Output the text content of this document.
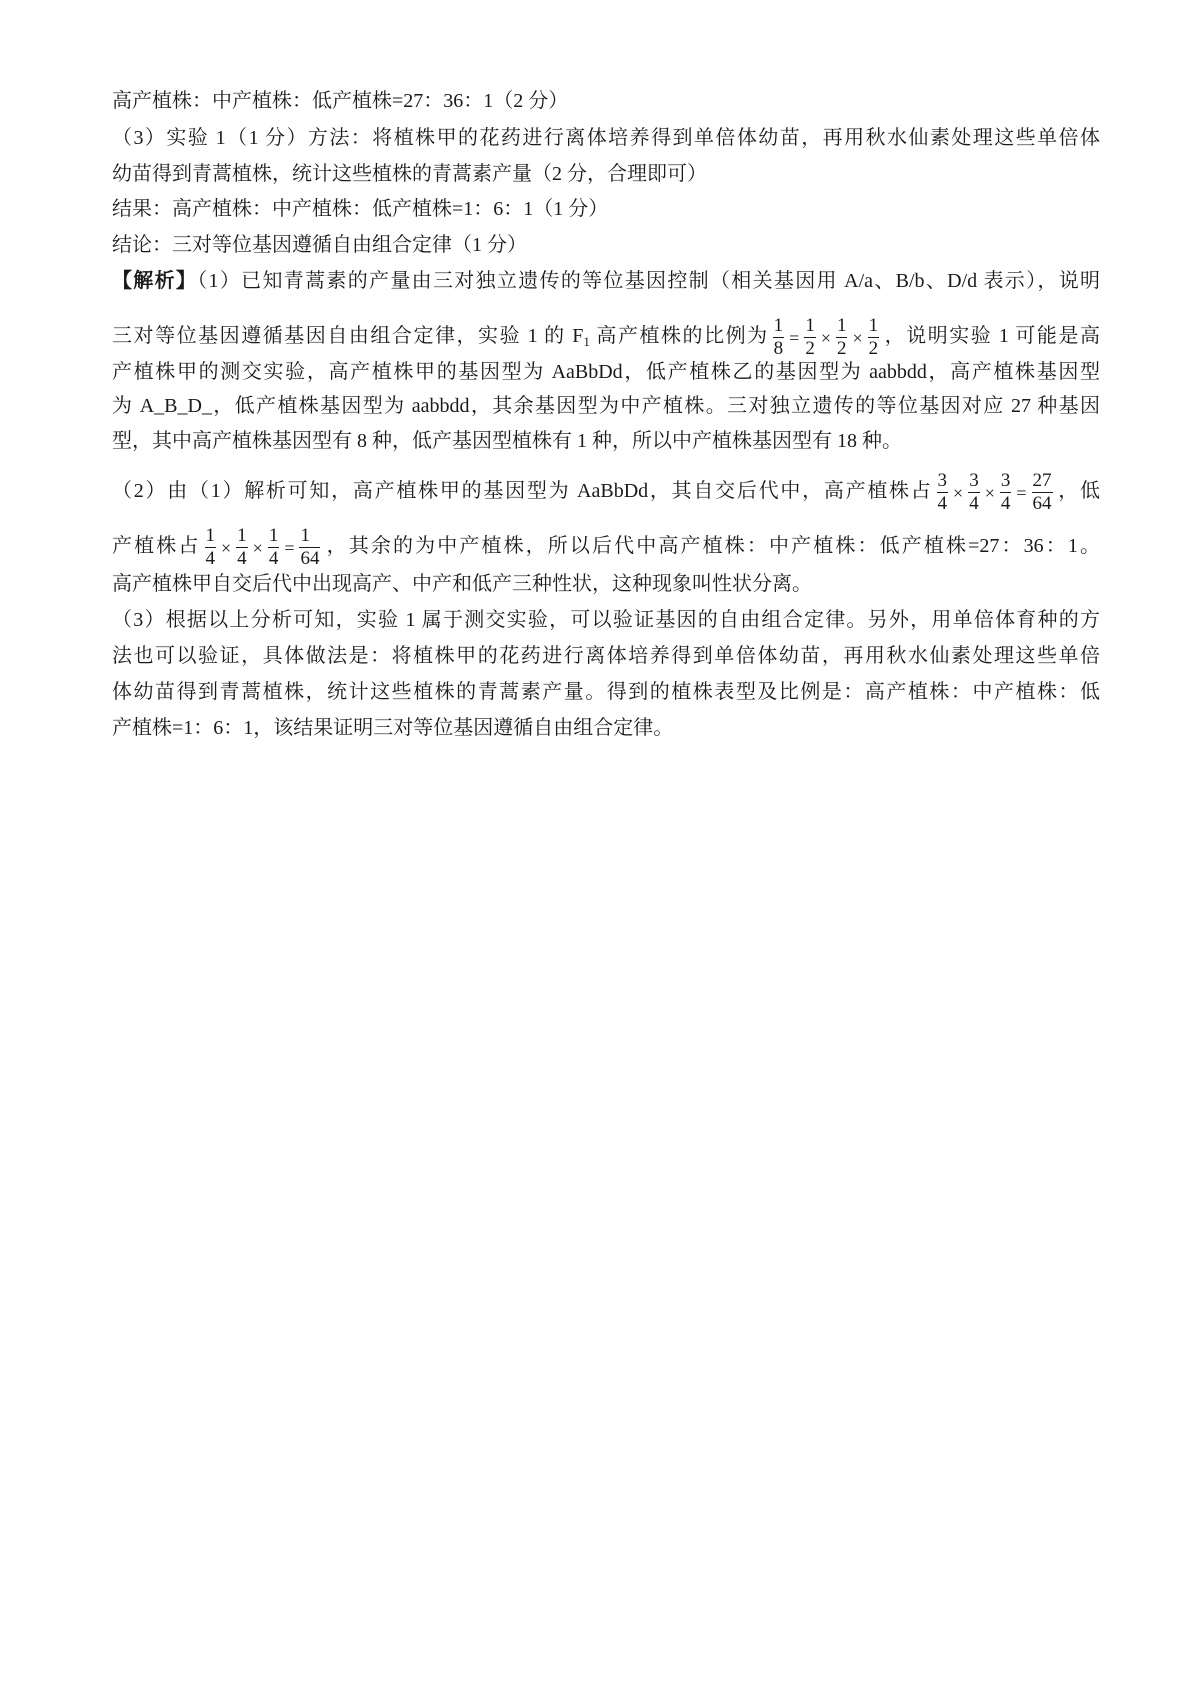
高产植株：中产植株：低产植株=27：36：1（2 分）
（3）实验 1（1 分）方法：将植株甲的花药进行离体培养得到单倍体幼苗，再用秋水仙素处理这些单倍体
幼苗得到青蒿植株，统计这些植株的青蒿素产量（2 分，合理即可）
结果：高产植株：中产植株：低产植株=1：6：1（1 分）
结论：三对等位基因遵循自由组合定律（1 分）
【解析】（1）已知青蒿素的产量由三对独立遗传的等位基因控制（相关基因用 A/a、B/b、D/d 表示），说明
三对等位基因遵循基因自由组合定律，实验 1 的 $F_1$ 高产植株的比例为 $\frac{1}{8} = \frac{1}{2} \times \frac{1}{2} \times \frac{1}{2}$ ，说明实验 1 可能是高
产植株甲的测交实验，高产植株甲的基因型为 AaBbDd，低产植株乙的基因型为 aabbdd，高产植株基因型
为 A_B_D_，低产植株基因型为 aabbdd，其余基因型为中产植株。三对独立遗传的等位基因对应 27 种基因
型，其中高产植株基因型有 8 种，低产基因型植株有 1 种，所以中产植株基因型有 18 种。
（2）由（1）解析可知，高产植株甲的基因型为 AaBbDd，其自交后代中，高产植株占 $\frac{3}{4} \times \frac{3}{4} \times \frac{3}{4} = \frac{27}{64}$ ，低
产植株占 $\frac{1}{4} \times \frac{1}{4} \times \frac{1}{4} = \frac{1}{64}$ ，其余的为中产植株，所以后代中高产植株：中产植株：低产植株=27：36：1。
高产植株甲自交后代中出现高产、中产和低产三种性状，这种现象叫性状分离。
（3）根据以上分析可知，实验 1 属于测交实验，可以验证基因的自由组合定律。另外，用单倍体育种的方
法也可以验证，具体做法是：将植株甲的花药进行离体培养得到单倍体幼苗，再用秋水仙素处理这些单倍
体幼苗得到青蒿植株，统计这些植株的青蒿素产量。得到的植株表型及比例是：高产植株：中产植株：低
产植株=1：6：1，该结果证明三对等位基因遵循自由组合定律。
